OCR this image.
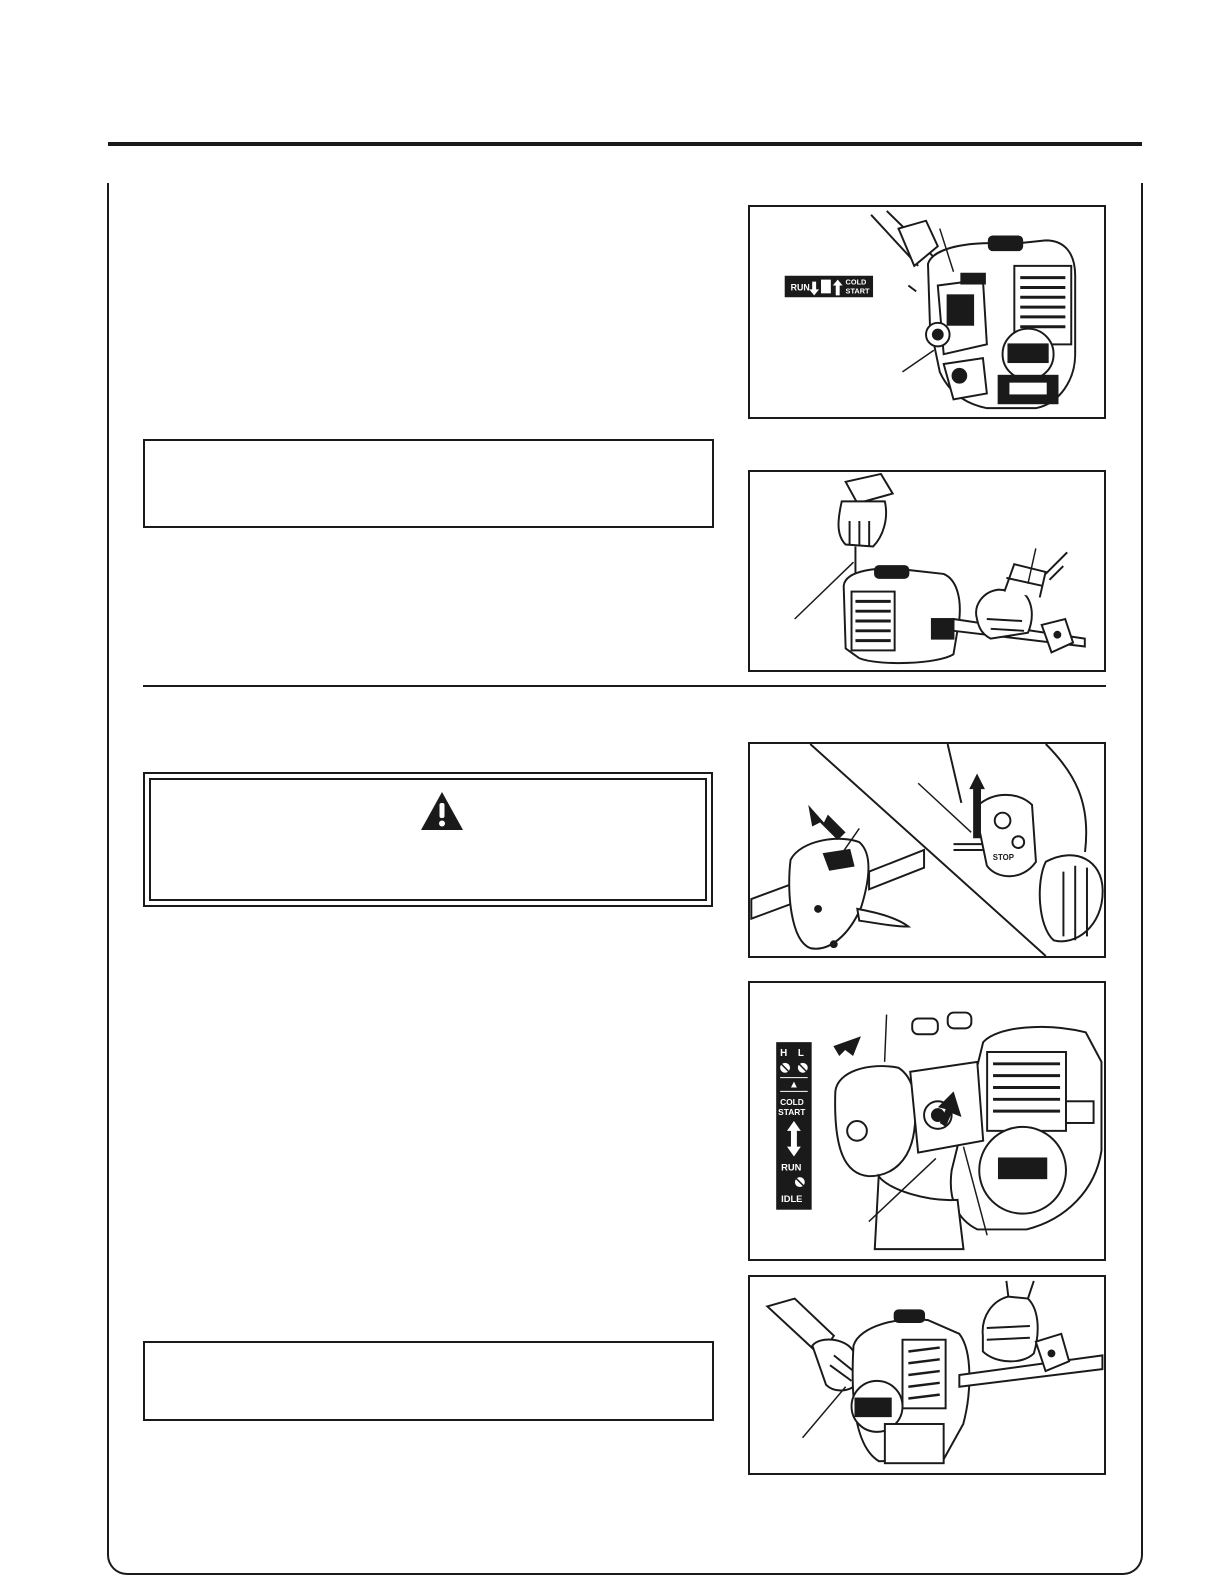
RUN
COLD
START
STOP
H L
COLD
START
RUN
IDLE
